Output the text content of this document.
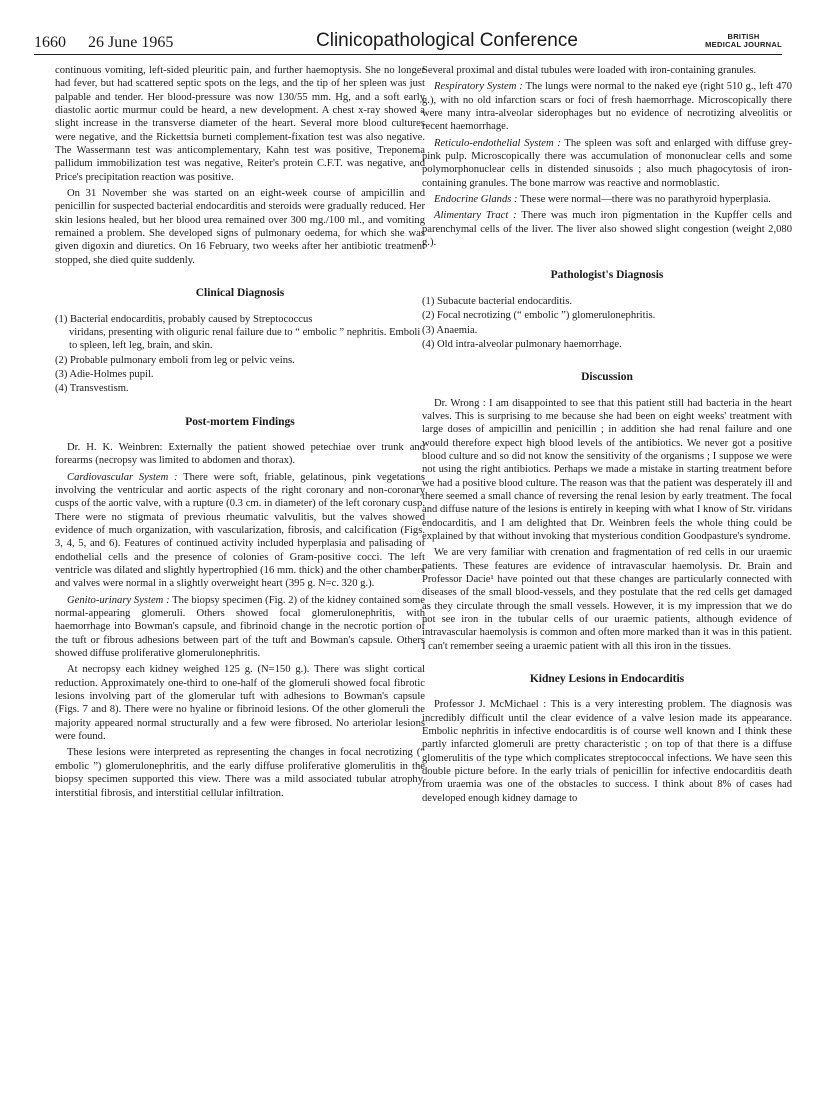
1660 26 June 1965	Clinicopathological Conference	BRITISH
MEDICAL JOURNAL

continuous vomiting, left-sided pleuritic pain, and further haemoptysis. She no longer had fever, but had scattered septic spots on the legs, and the tip of her spleen was just palpable and tender. Her blood-pressure was now 130/55 mm. Hg, and a soft early diastolic aortic murmur could be heard, a new development. A chest x-ray showed a slight increase in the transverse diameter of the heart. Several more blood cultures were negative, and the Rickettsia burneti complement-fixation test was also negative. The Wassermann test was anticomplementary, Kahn test was positive, Treponema pallidum immobilization test was negative, Reiter's protein C.F.T. was negative, and Price's precipitation reaction was positive.

On 31 November she was started on an eight-week course of ampicillin and penicillin for suspected bacterial endocarditis and steroids were gradually reduced. Her skin lesions healed, but her blood urea remained over 300 mg./100 ml., and vomiting remained a problem. She developed signs of pulmonary oedema, for which she was given digoxin and diuretics. On 16 February, two weeks after her antibiotic treatment stopped, she died quite suddenly.

Clinical Diagnosis

(1) Bacterial endocarditis, probably caused by Streptococcus
viridans, presenting with oliguric renal failure due to “ embolic ” nephritis. Emboli to spleen, left leg, brain, and skin.

(2) Probable pulmonary emboli from leg or pelvic veins.

(3) Adie-Holmes pupil.

(4) Transvestism.

Post-mortem Findings

Dr. H. K. Weinbren: Externally the patient showed petechiae over trunk and forearms (necropsy was limited to abdomen and thorax).

Cardiovascular System : There were soft, friable, gelatinous, pink vegetations involving the ventricular and aortic aspects of the right coronary and non-coronary cusps of the aortic valve, with a rupture (0.3 cm. in diameter) of the left coronary cusp. There were no stigmata of previous rheumatic valvulitis, but the valves showed evidence of much organization, with vascularization, fibrosis, and calcification (Figs. 3, 4, 5, and 6). Features of continued activity included hyperplasia and palisading of endothelial cells and the presence of colonies of Gram-positive cocci. The left ventricle was dilated and slightly hypertrophied (16 mm. thick) and the other chambers and valves were normal in a slightly overweight heart (395 g. N=c. 320 g.).

Genito-urinary System : The biopsy specimen (Fig. 2) of the kidney contained some normal-appearing glomeruli. Others showed focal glomerulonephritis, with haemorrhage into Bowman's capsule, and fibrinoid change in the necrotic portion of the tuft or fibrous adhesions between part of the tuft and Bowman's capsule. Others showed diffuse proliferative glomerulonephritis.

At necropsy each kidney weighed 125 g. (N=150 g.). There was slight cortical reduction. Approximately one-third to one-half of the glomeruli showed focal fibrotic lesions involving part of the glomerular tuft with adhesions to Bowman's capsule (Figs. 7 and 8). There were no hyaline or fibrinoid lesions. Of the other glomeruli the majority appeared normal structurally and a few were fibrosed. No arteriolar lesions were found.

These lesions were interpreted as representing the changes in focal necrotizing (“ embolic ”) glomerulonephritis, and the early diffuse proliferative glomerulitis in the biopsy specimen supported this view. There was a mild associated tubular atrophy, interstitial fibrosis, and interstitial cellular infiltration.

Several proximal and distal tubules were loaded with iron-containing granules.

Respiratory System : The lungs were normal to the naked eye (right 510 g., left 470 g.), with no old infarction scars or foci of fresh haemorrhage. Microscopically there were many intra-alveolar siderophages but no evidence of necrotizing alveolitis or recent haemorrhage.

Reticulo-endothelial System : The spleen was soft and enlarged with diffuse grey-pink pulp. Microscopically there was accumulation of mononuclear cells and some polymorphonuclear cells in distended sinusoids ; also much phagocytosis of iron-containing granules. The bone marrow was reactive and normoblastic.

Endocrine Glands : These were normal—there was no parathyroid hyperplasia.

Alimentary Tract : There was much iron pigmentation in the Kupffer cells and parenchymal cells of the liver. The liver also showed slight congestion (weight 2,080 g.).

Pathologist's Diagnosis

(1) Subacute bacterial endocarditis.

(2) Focal necrotizing (“ embolic ”) glomerulonephritis.

(3) Anaemia.

(4) Old intra-alveolar pulmonary haemorrhage.

Discussion

Dr. Wrong : I am disappointed to see that this patient still had bacteria in the heart valves. This is surprising to me because she had been on eight weeks' treatment with large doses of ampicillin and penicillin ; in addition she had renal failure and one would therefore expect high blood levels of the antibiotics. We never got a positive blood culture and so did not know the sensitivity of the organisms ; I suppose we were not using the right antibiotics. Perhaps we made a mistake in starting treatment before we had a positive blood culture. The reason was that the patient was desperately ill and there seemed a small chance of reversing the renal lesion by early treatment. The focal and diffuse nature of the lesions is entirely in keeping with what I know of Str. viridans endocarditis, and I am delighted that Dr. Weinbren feels the whole thing could be explained by that without invoking that mysterious condition Goodpasture's syndrome.

We are very familiar with crenation and fragmentation of red cells in our uraemic patients. These features are evidence of intravascular haemolysis. Dr. Brain and Professor Dacie¹ have pointed out that these changes are particularly connected with diseases of the small blood-vessels, and they postulate that the red cells get damaged as they circulate through the small vessels. However, it is my impression that we do not see iron in the tubular cells of our uraemic patients, although evidence of intravascular haemolysis is common and often more marked than it was in this patient. I can't remember seeing a uraemic patient with all this iron in the tissues.

Kidney Lesions in Endocarditis

Professor J. McMichael : This is a very interesting problem. The diagnosis was incredibly difficult until the clear evidence of a valve lesion made its appearance. Embolic nephritis in infective endocarditis is of course well known and I think these partly infarcted glomeruli are pretty characteristic ; on top of that there is a diffuse glomerulitis of the type which complicates streptococcal infections. We have seen this double picture before. In the early trials of penicillin for infective endocarditis death from uraemia was one of the obstacles to success. I think about 8% of cases had developed enough kidney damage to
